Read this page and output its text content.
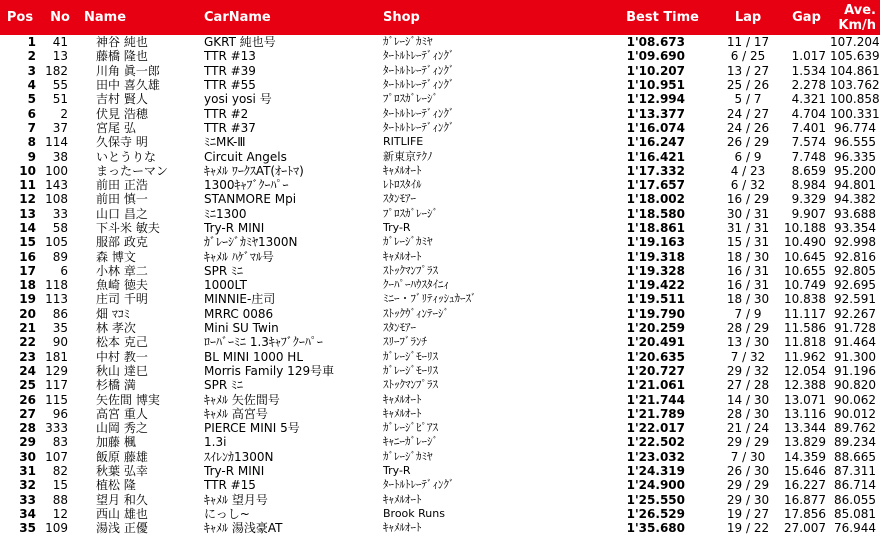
Pos	No	Name	CarName	Shop	Best Time	Lap	Gap	Ave.
Km/h

1	41	神谷 純也	GKRT 純也号	ｶﾞﾚｰｼﾞｶﾐﾔ	1'08.673	11 / 17		107.204
2	13	藤橋 隆也	TTR #13	ﾀｰﾄﾙﾄﾚｰﾃﾞｨﾝｸﾞ	1'09.690	6 / 25	1.017	105.639
3	182	川角 眞一郎	TTR #39	ﾀｰﾄﾙﾄﾚｰﾃﾞｨﾝｸﾞ	1'10.207	13 / 27	1.534	104.861
4	55	田中 喜久雄	TTR #55	ﾀｰﾄﾙﾄﾚｰﾃﾞｨﾝｸﾞ	1'10.951	25 / 26	2.278	103.762
5	51	吉村 賢人	yosi yosi 号	ﾌﾟﾛｽｶﾞﾚｰｼﾞ	1'12.994	5 / 7	4.321	100.858
6	2	伏見 浩穂	TTR #2	ﾀｰﾄﾙﾄﾚｰﾃﾞｨﾝｸﾞ	1'13.377	24 / 27	4.704	100.331
7	37	宮尾 弘	TTR #37	ﾀｰﾄﾙﾄﾚｰﾃﾞｨﾝｸﾞ	1'16.074	24 / 26	7.401	96.774
8	114	久保寺 明	ﾐﾆMK-Ⅲ	RITLIFE	1'16.247	26 / 29	7.574	96.555
9	38	いとうりな	Circuit Angels	新東京ﾃｸﾉ	1'16.421	6 / 9	7.748	96.335
10	100	まったーマン	ｷｬﾒﾙ ﾜｰｸｽAT(ｵｰﾄﾏ)	ｷｬﾒﾙｵｰﾄ	1'17.332	4 / 23	8.659	95.200
11	143	前田 正浩	1300ｷｬﾌﾞｸｰﾊﾟｰ	ﾚﾄﾛｽﾀｲﾙ	1'17.657	6 / 32	8.984	94.801
12	108	前田 慎一	STANMORE Mpi	ｽﾀﾝﾓｱｰ	1'18.002	16 / 29	9.329	94.382
13	33	山口 昌之	ﾐﾆ1300	ﾌﾟﾛｽｶﾞﾚｰｼﾞ	1'18.580	30 / 31	9.907	93.688
14	58	下斗米 敏夫	Try-R MINI	Try-R	1'18.861	31 / 31	10.188	93.354
15	105	服部 政克	ｶﾞﾚｰｼﾞｶﾐﾔ1300N	ｶﾞﾚｰｼﾞｶﾐﾔ	1'19.163	15 / 31	10.490	92.998
16	89	森 博文	ｷｬﾒﾙ ﾊｹﾞﾏﾙ号	ｷｬﾒﾙｵｰﾄ	1'19.318	18 / 30	10.645	92.816
17	6	小林 章二	SPR ﾐﾆ	ｽﾄｯｸﾏﾝﾌﾟﾗｽ	1'19.328	16 / 31	10.655	92.805
18	118	魚崎 徳夫	1000LT	ｸｰﾊﾟｰﾊｳｽﾀｲﾆｨ	1'19.422	16 / 31	10.749	92.695
19	113	庄司 千明	MINNIE-庄司	ﾐﾆｰ・ﾌﾞﾘﾃｨｯｼｭｶｰｽﾞ	1'19.511	18 / 30	10.838	92.591
20	86	畑 ﾏｺﾐ	MRRC 0086	ｽﾄｯｸｳﾞｨﾝﾃｰｼﾞ	1'19.790	7 / 9	11.117	92.267
21	35	林 孝次	Mini SU Twin	ｽﾀﾝﾓｱｰ	1'20.259	28 / 29	11.586	91.728
22	90	松本 克己	ﾛｰﾊﾞｰﾐﾆ 1.3ｷｬﾌﾞｸｰﾊﾟｰ	ｽﾘｰﾌﾞﾗﾝﾁ	1'20.491	13 / 30	11.818	91.464
23	181	中村 教一	BL MINI 1000 HL	ｶﾞﾚｰｼﾞﾓｰﾘｽ	1'20.635	7 / 32	11.962	91.300
24	129	秋山 達巳	Morris Family 129号車	ｶﾞﾚｰｼﾞﾓｰﾘｽ	1'20.727	29 / 32	12.054	91.196
25	117	杉橋 満	SPR ﾐﾆ	ｽﾄｯｸﾏﾝﾌﾟﾗｽ	1'21.061	27 / 28	12.388	90.820
26	115	矢佐間 博実	ｷｬﾒﾙ 矢佐間号	ｷｬﾒﾙｵｰﾄ	1'21.744	14 / 30	13.071	90.062
27	96	高宮 重人	ｷｬﾒﾙ 高宮号	ｷｬﾒﾙｵｰﾄ	1'21.789	28 / 30	13.116	90.012
28	333	山岡 秀之	PIERCE MINI 5号	ｶﾞﾚｰｼﾞﾋﾟｱｽ	1'22.017	21 / 24	13.344	89.762
29	83	加藤 楓	1.3i	ｷｬﾆｰｶﾞﾚｰｼﾞ	1'22.502	29 / 29	13.829	89.234
30	107	飯原 藤雄	ｽｲﾚﾝｶ1300N	ｶﾞﾚｰｼﾞｶﾐﾔ	1'23.032	7 / 30	14.359	88.665
31	82	秋葉 弘幸	Try-R MINI	Try-R	1'24.319	26 / 30	15.646	87.311
32	15	植松 隆	TTR #15	ﾀｰﾄﾙﾄﾚｰﾃﾞｨﾝｸﾞ	1'24.900	29 / 29	16.227	86.714
33	88	望月 和久	ｷｬﾒﾙ 望月号	ｷｬﾒﾙｵｰﾄ	1'25.550	29 / 30	16.877	86.055
34	12	西山 雄也	にっし~	Brook Runs	1'26.529	19 / 27	17.856	85.081
35	109	湯浅 正優	ｷｬﾒﾙ 湯浅豪AT	ｷｬﾒﾙｵｰﾄ	1'35.680	19 / 22	27.007	76.944
